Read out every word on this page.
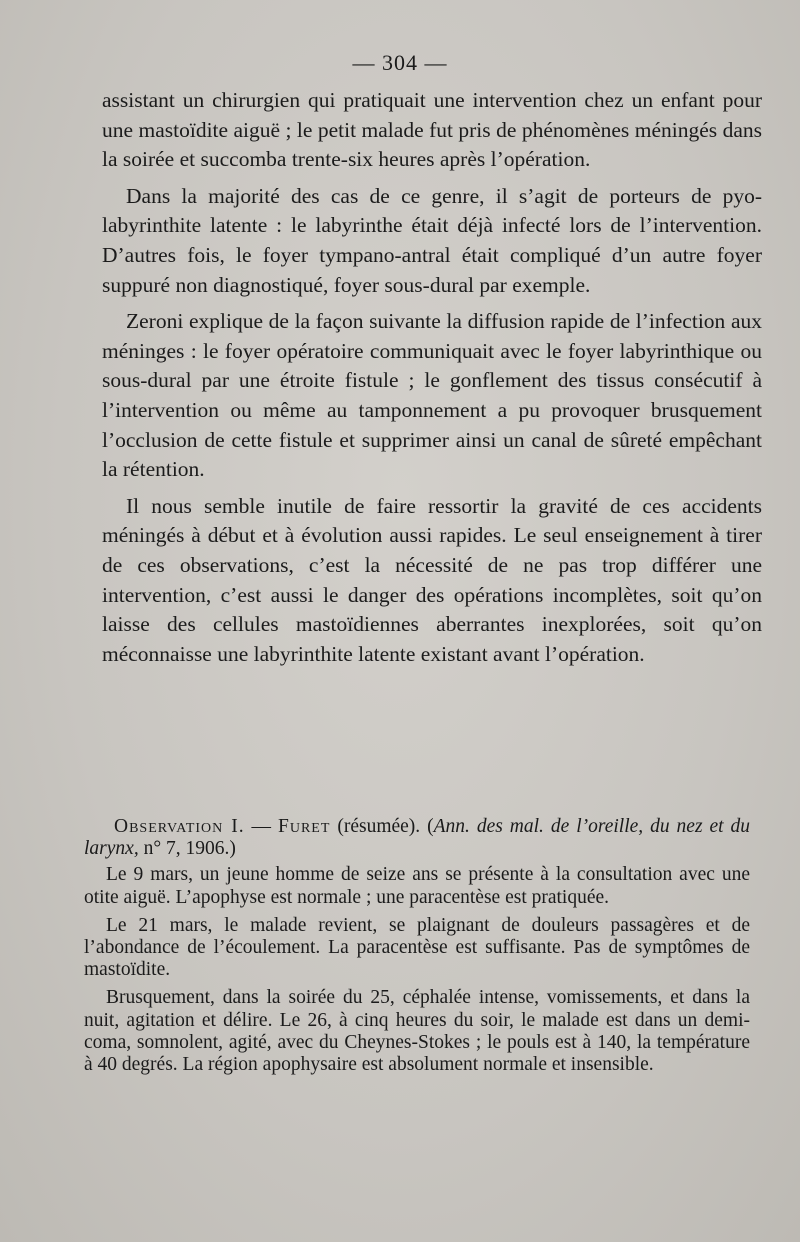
— 304 —

assistant un chirurgien qui pratiquait une intervention chez un enfant pour une mastoïdite aiguë ; le petit malade fut pris de phénomènes méningés dans la soirée et succomba trente-six heures après l’opération.

Dans la majorité des cas de ce genre, il s’agit de porteurs de pyo-labyrinthite latente : le labyrinthe était déjà infecté lors de l’intervention. D’autres fois, le foyer tympano-antral était compliqué d’un autre foyer suppuré non diagnostiqué, foyer sous-dural par exemple.

Zeroni explique de la façon suivante la diffusion rapide de l’infection aux méninges : le foyer opératoire communiquait avec le foyer labyrinthique ou sous-dural par une étroite fistule ; le gonflement des tissus consécutif à l’intervention ou même au tamponnement a pu provoquer brusquement l’occlusion de cette fistule et supprimer ainsi un canal de sûreté empêchant la rétention.

Il nous semble inutile de faire ressortir la gravité de ces accidents méningés à début et à évolution aussi rapides. Le seul enseignement à tirer de ces observations, c’est la nécessité de ne pas trop différer une intervention, c’est aussi le danger des opérations incomplètes, soit qu’on laisse des cellules mastoïdiennes aberrantes inexplorées, soit qu’on méconnaisse une labyrinthite latente existant avant l’opération.

Observation I. — Furet (résumée). (Ann. des mal. de l’oreille, du nez et du larynx, n° 7, 1906.)

Le 9 mars, un jeune homme de seize ans se présente à la consultation avec une otite aiguë. L’apophyse est normale ; une paracentèse est pratiquée.

Le 21 mars, le malade revient, se plaignant de douleurs passagères et de l’abondance de l’écoulement. La paracentèse est suffisante. Pas de symptômes de mastoïdite.

Brusquement, dans la soirée du 25, céphalée intense, vomissements, et dans la nuit, agitation et délire. Le 26, à cinq heures du soir, le malade est dans un demi-coma, somnolent, agité, avec du Cheynes-Stokes ; le pouls est à 140, la température à 40 degrés. La région apophysaire est absolument normale et insensible.
